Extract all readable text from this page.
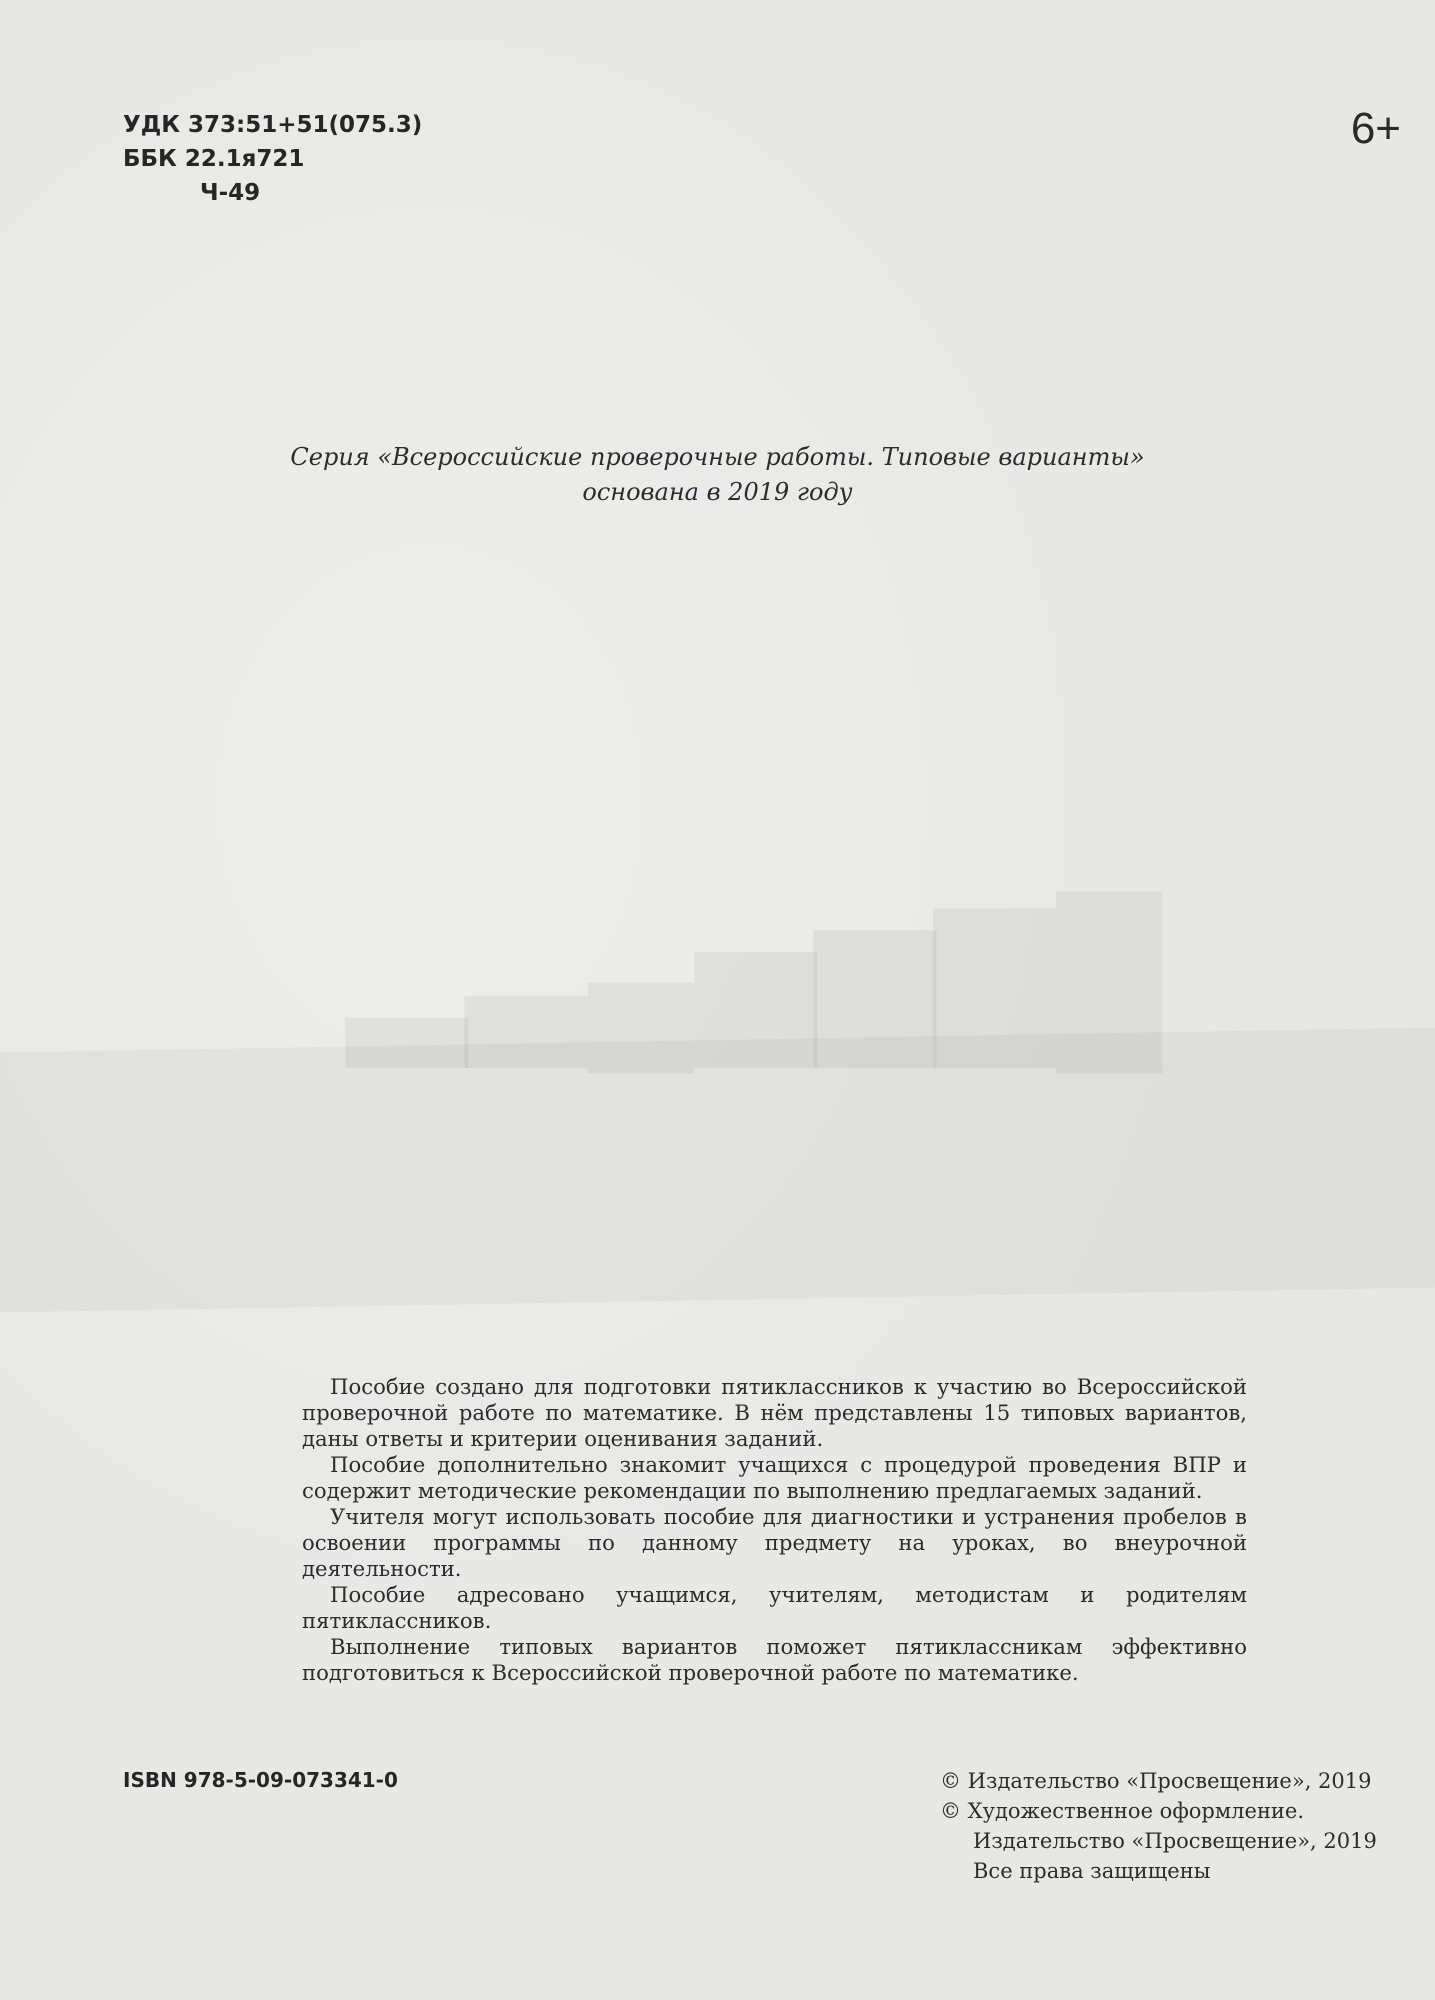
█▇▆▅▄▃▂
УДК 373:51+51(075.3)
ББК 22.1я721
Ч-49
6+
Серия «Всероссийские проверочные работы. Типовые варианты»
основана в 2019 году

Пособие создано для подготовки пятиклассников к участию во Всероссийской проверочной работе по математике. В нём представлены 15 типовых вариантов, даны ответы и критерии оценивания заданий.

Пособие дополнительно знакомит учащихся с процедурой проведения ВПР и содержит методические рекомендации по выполнению предлагаемых заданий.

Учителя могут использовать пособие для диагностики и устранения пробелов в освоении программы по данному предмету на уроках, во внеурочной деятельности.

Пособие адресовано учащимся, учителям, методистам и родителям пятиклассников.

Выполнение типовых вариантов поможет пятиклассникам эффективно подготовиться к Всероссийской проверочной работе по математике.

ISBN 978-5-09-073341-0	© Издательство «Просвещение», 2019
© Художественное оформление.
Издательство «Просвещение», 2019
Все права защищены
